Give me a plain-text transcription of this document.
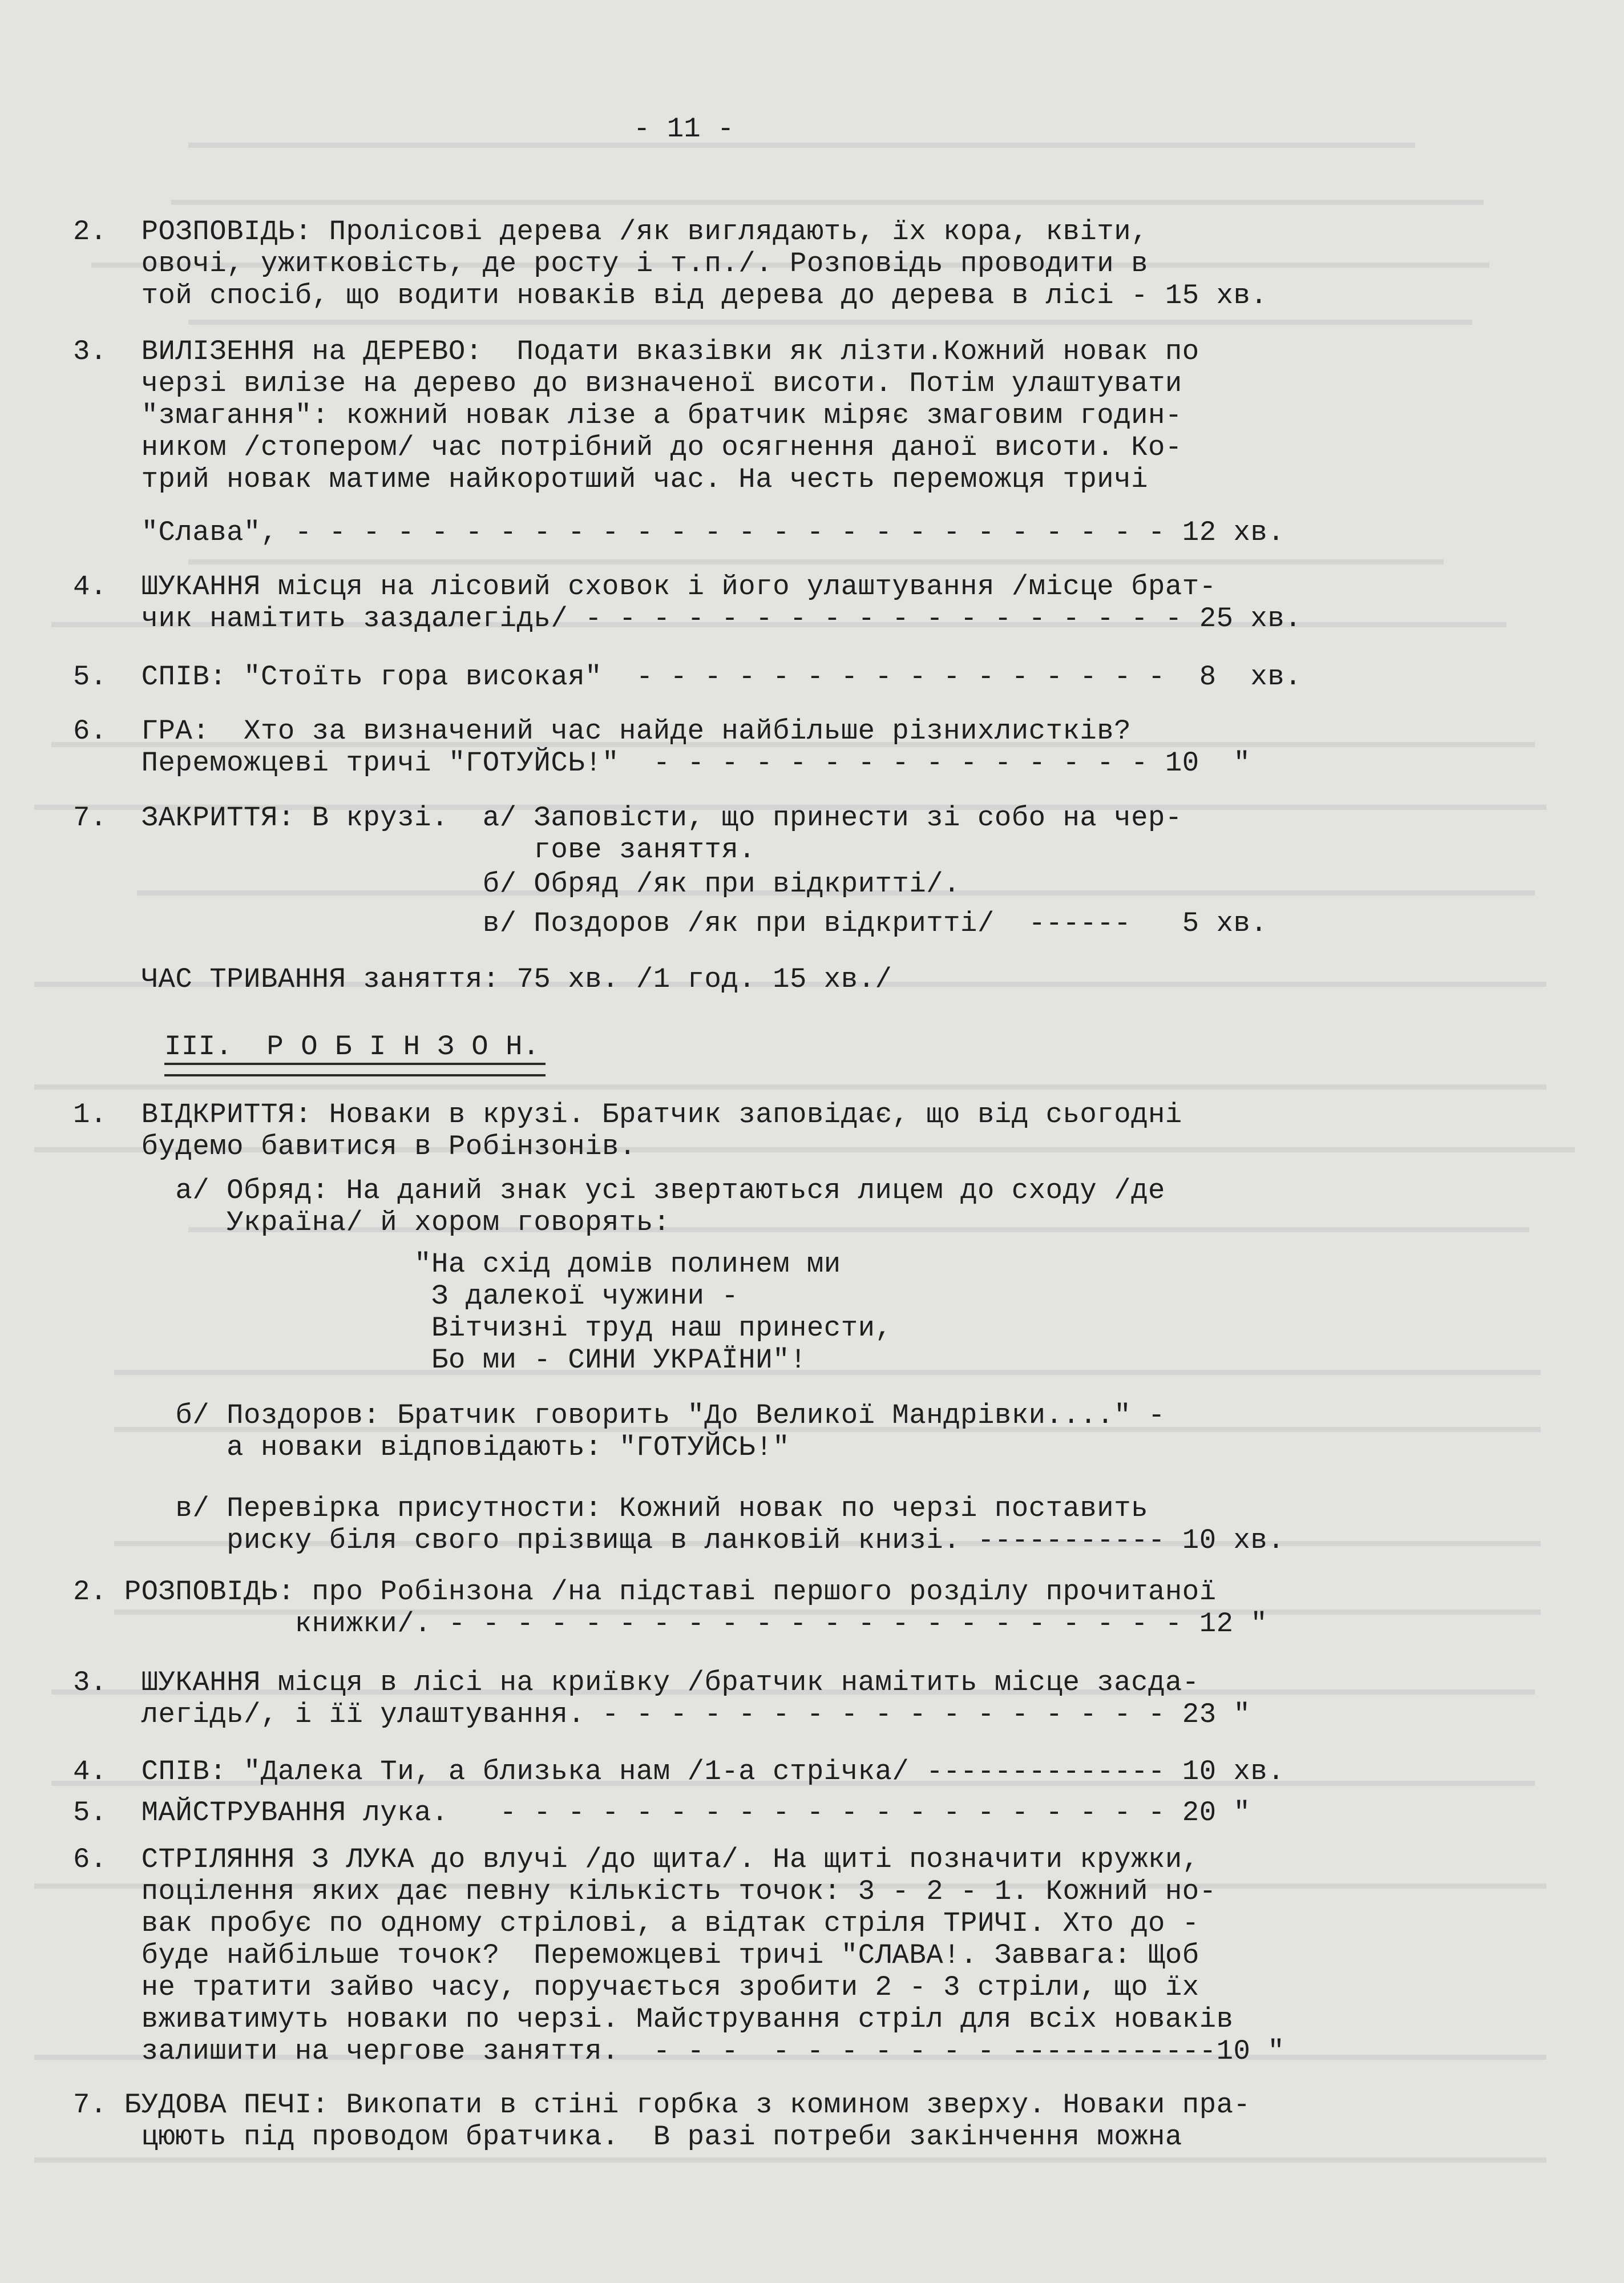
- 11 -
2.  РОЗПОВІДЬ: Пролісові дерева /як виглядають, їх кора, квіти,
овочі, ужитковість, де росту і т.п./. Розповідь проводити в
той спосіб, що водити новаків від дерева до дерева в лісі - 15 хв.
3.  ВИЛІЗЕННЯ на ДЕРЕВО:  Подати вказівки як лізти.Кожний новак по
черзі вилізе на дерево до визначеної висоти. Потім улаштувати
"змагання": кожний новак лізе а братчик міряє змаговим годин-
ником /стопером/ час потрібний до осягнення даної висоти. Ко-
трий новак матиме найкоротший час. На честь переможця тричі
"Слава", - - - - - - - - - - - - - - - - - - - - - - - - - - 12 хв.
4.  ШУКАННЯ місця на лісовий сховок і його улаштування /місце брат-
чик намітить заздалегідь/ - - - - - - - - - - - - - - - - - - 25 хв.
5.  СПІВ: "Стоїть гора високая"  - - - - - - - - - - - - - - - -  8  хв.
6.  ГРА:  Хто за визначений час найде найбільше різнихлистків?
Переможцеві тричі "ГОТУЙСЬ!"  - - - - - - - - - - - - - - - 10  "
7.  ЗАКРИТТЯ: В крузі.  а/ Заповісти, що принести зі собо на чер-
гове заняття.
б/ Обряд /як при відкритті/.
в/ Поздоров /як при відкритті/  ------   5 хв.
ЧАС ТРИВАННЯ заняття: 75 хв. /1 год. 15 хв./
III.  Р О Б І Н З О Н.
1.  ВІДКРИТТЯ: Новаки в крузі. Братчик заповідає, що від сьогодні
будемо бавитися в Робінзонів.
а/ Обряд: На даний знак усі звертаються лицем до сходу /де
Україна/ й хором говорять:
"На схід домів полинем ми
З далекої чужини -
Вітчизні труд наш принести,
Бо ми - СИНИ УКРАЇНИ"!
б/ Поздоров: Братчик говорить "До Великої Мандрівки...." -
а новаки відповідають: "ГОТУЙСЬ!"
в/ Перевірка присутности: Кожний новак по черзі поставить
риску біля свого прізвища в ланковій книзі. ----------- 10 хв.
2. РОЗПОВІДЬ: про Робінзона /на підставі першого розділу прочитаної
книжки/. - - - - - - - - - - - - - - - - - - - - - - 12 "
3.  ШУКАННЯ місця в лісі на криївку /братчик намітить місце засда-
легідь/, і її улаштування. - - - - - - - - - - - - - - - - - 23 "
4.  СПІВ: "Далека Ти, а близька нам /1-а стрічка/ -------------- 10 хв.
5.  МАЙСТРУВАННЯ лука.   - - - - - - - - - - - - - - - - - - - - 20 "
6.  СТРІЛЯННЯ З ЛУКА до влучі /до щита/. На щиті позначити кружки,
поцілення яких дає певну кількість точок: 3 - 2 - 1. Кожний но-
вак пробує по одному стрілові, а відтак стріля ТРИЧІ. Хто до -
буде найбільше точок?  Переможцеві тричі "СЛАВА!. Заввага: Щоб
не тратити зайво часу, поручається зробити 2 - 3 стріли, що їх
вживатимуть новаки по черзі. Майстрування стріл для всіх новаків
залишити на чергове заняття.  - - -  - - - - - - - ------------10 "
7. БУДОВА ПЕЧІ: Викопати в стіні горбка з комином зверху. Новаки пра-
цюють під проводом братчика.  В разі потреби закінчення можна
